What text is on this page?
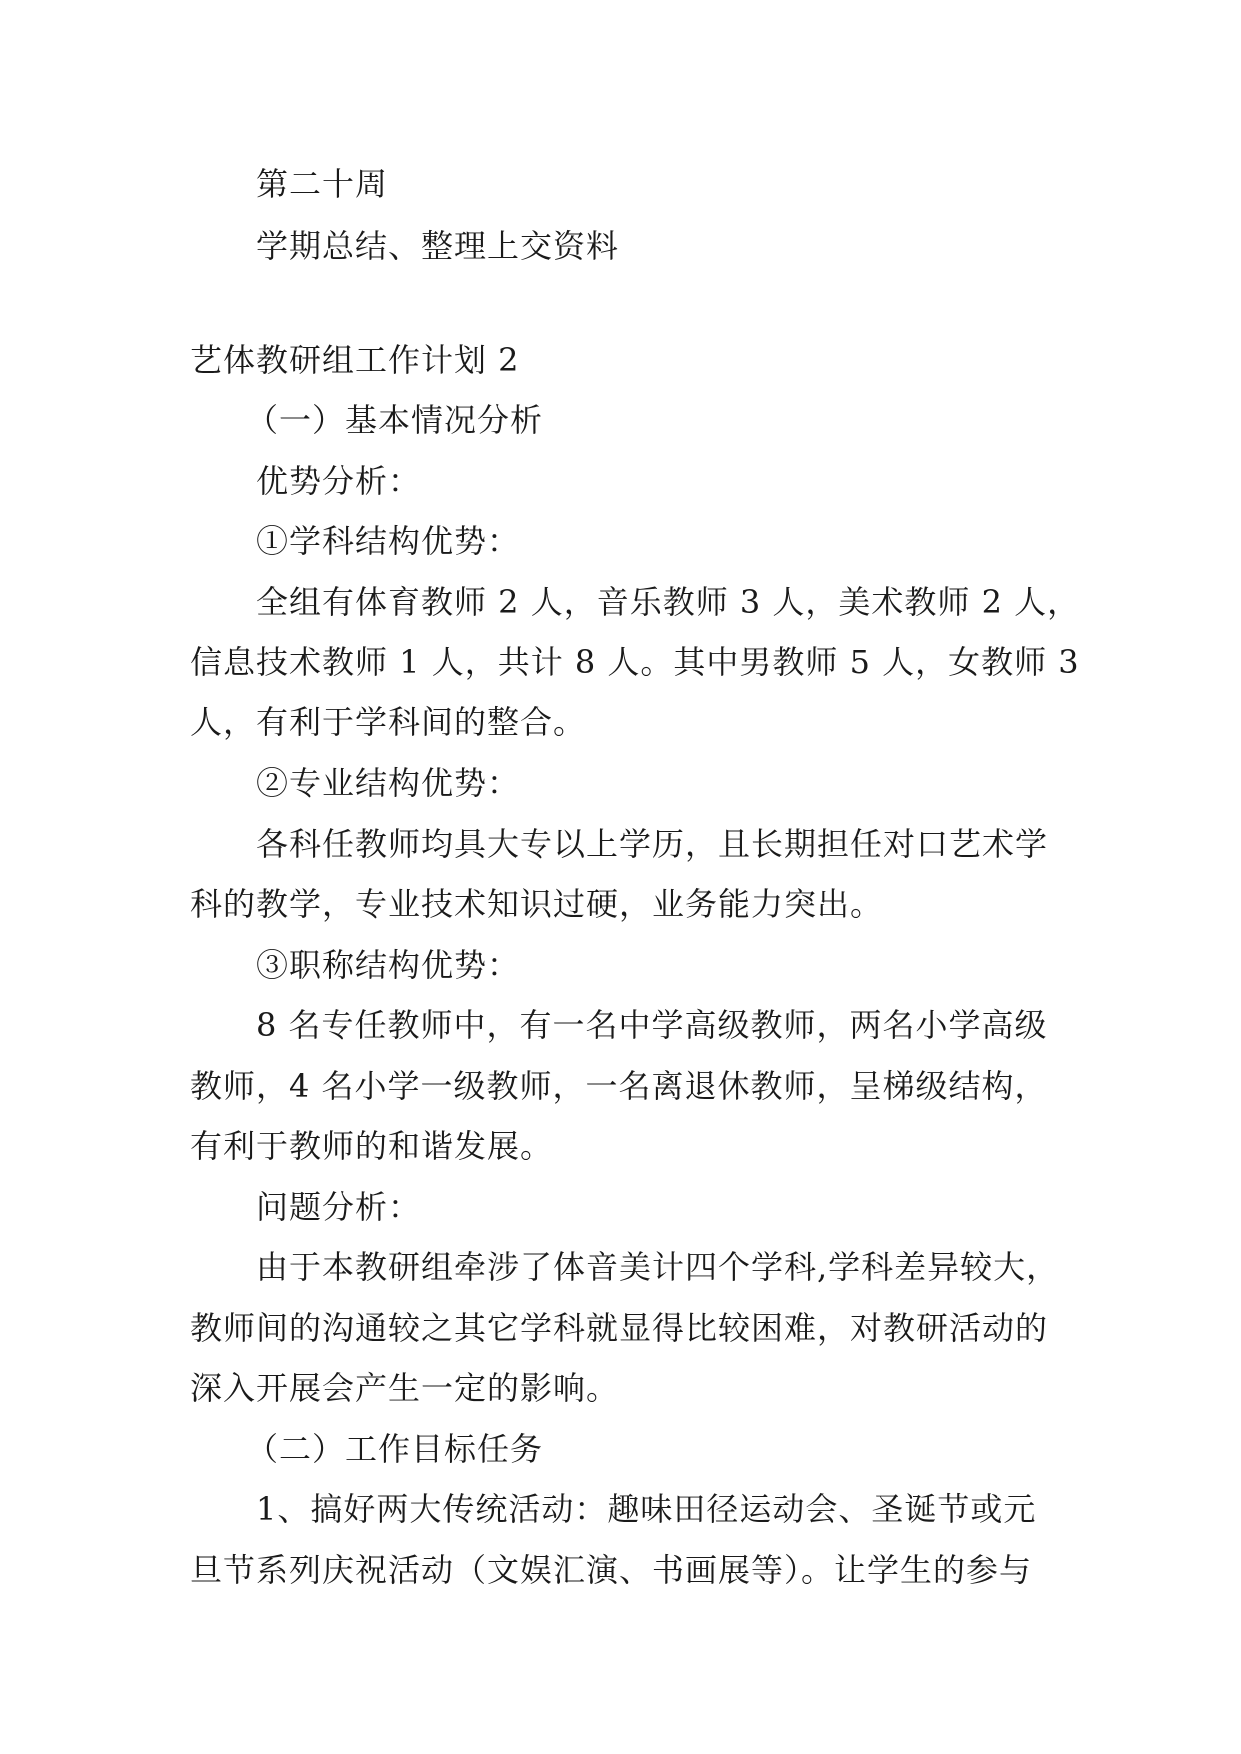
第二十周
学期总结、整理上交资料
艺体教研组工作计划 2
（一）基本情况分析
优势分析：
①学科结构优势：
全组有体育教师 2 人，音乐教师 3 人，美术教师 2 人，
信息技术教师 1 人，共计 8 人。其中男教师 5 人，女教师 3
人，有利于学科间的整合。
②专业结构优势：
各科任教师均具大专以上学历，且长期担任对口艺术学
科的教学，专业技术知识过硬，业务能力突出。
③职称结构优势：
8 名专任教师中，有一名中学高级教师，两名小学高级
教师，4 名小学一级教师，一名离退休教师，呈梯级结构，
有利于教师的和谐发展。
问题分析：
由于本教研组牵涉了体音美计四个学科,学科差异较大，
教师间的沟通较之其它学科就显得比较困难，对教研活动的
深入开展会产生一定的影响。
（二）工作目标任务
1、搞好两大传统活动：趣味田径运动会、圣诞节或元
旦节系列庆祝活动（文娱汇演、书画展等）。让学生的参与
